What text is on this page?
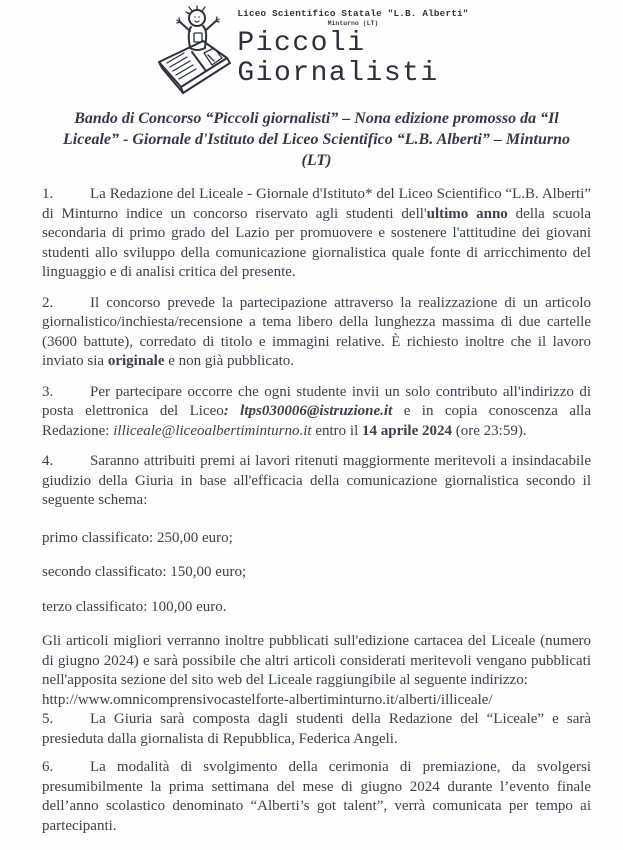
Liceo Scientifico Statale "L.B. Alberti"
Minturno (LT)
Piccoli
Giornalisti
Bando di Concorso “Piccoli giornalisti” – Nona edizione promosso da “Il Liceale” - Giornale d'Istituto del Liceo Scientifico “L.B. Alberti” – Minturno (LT)

1. La Redazione del Liceale - Giornale d'Istituto* del Liceo Scientifico “L.B. Alberti” di Minturno indice un concorso riservato agli studenti dell'ultimo anno della scuola secondaria di primo grado del Lazio per promuovere e sostenere l'attitudine dei giovani studenti allo sviluppo della comunicazione giornalistica quale fonte di arricchimento del linguaggio e di analisi critica del presente.

2. Il concorso prevede la partecipazione attraverso la realizzazione di un articolo giornalistico/inchiesta/recensione a tema libero della lunghezza massima di due cartelle (3600 battute), corredato di titolo e immagini relative. È richiesto inoltre che il lavoro inviato sia originale e non già pubblicato.

3. Per partecipare occorre che ogni studente invii un solo contributo all'indirizzo di posta elettronica del Liceo: ltps030006@istruzione.it e in copia conoscenza alla Redazione: illiceale@liceoalbertiminturno.it entro il 14 aprile 2024 (ore 23:59).

4. Saranno attribuiti premi ai lavori ritenuti maggiormente meritevoli a insindacabile giudizio della Giuria in base all'efficacia della comunicazione giornalistica secondo il seguente schema:

primo classificato: 250,00 euro;

secondo classificato: 150,00 euro;

terzo classificato: 100,00 euro.

Gli articoli migliori verranno inoltre pubblicati sull'edizione cartacea del Liceale (numero di giugno 2024) e sarà possibile che altri articoli considerati meritevoli vengano pubblicati nell'apposita sezione del sito web del Liceale raggiungibile al seguente indirizzo:

http://www.omnicomprensivocastelforte-albertiminturno.it/alberti/illiceale/

5. La Giuria sarà composta dagli studenti della Redazione del “Liceale” e sarà presieduta dalla giornalista di Repubblica, Federica Angeli.

6. La modalità di svolgimento della cerimonia di premiazione, da svolgersi presumibilmente la prima settimana del mese di giugno 2024 durante l’evento finale dell’anno scolastico denominato “Alberti’s got talent”, verrà comunicata per tempo ai partecipanti.
